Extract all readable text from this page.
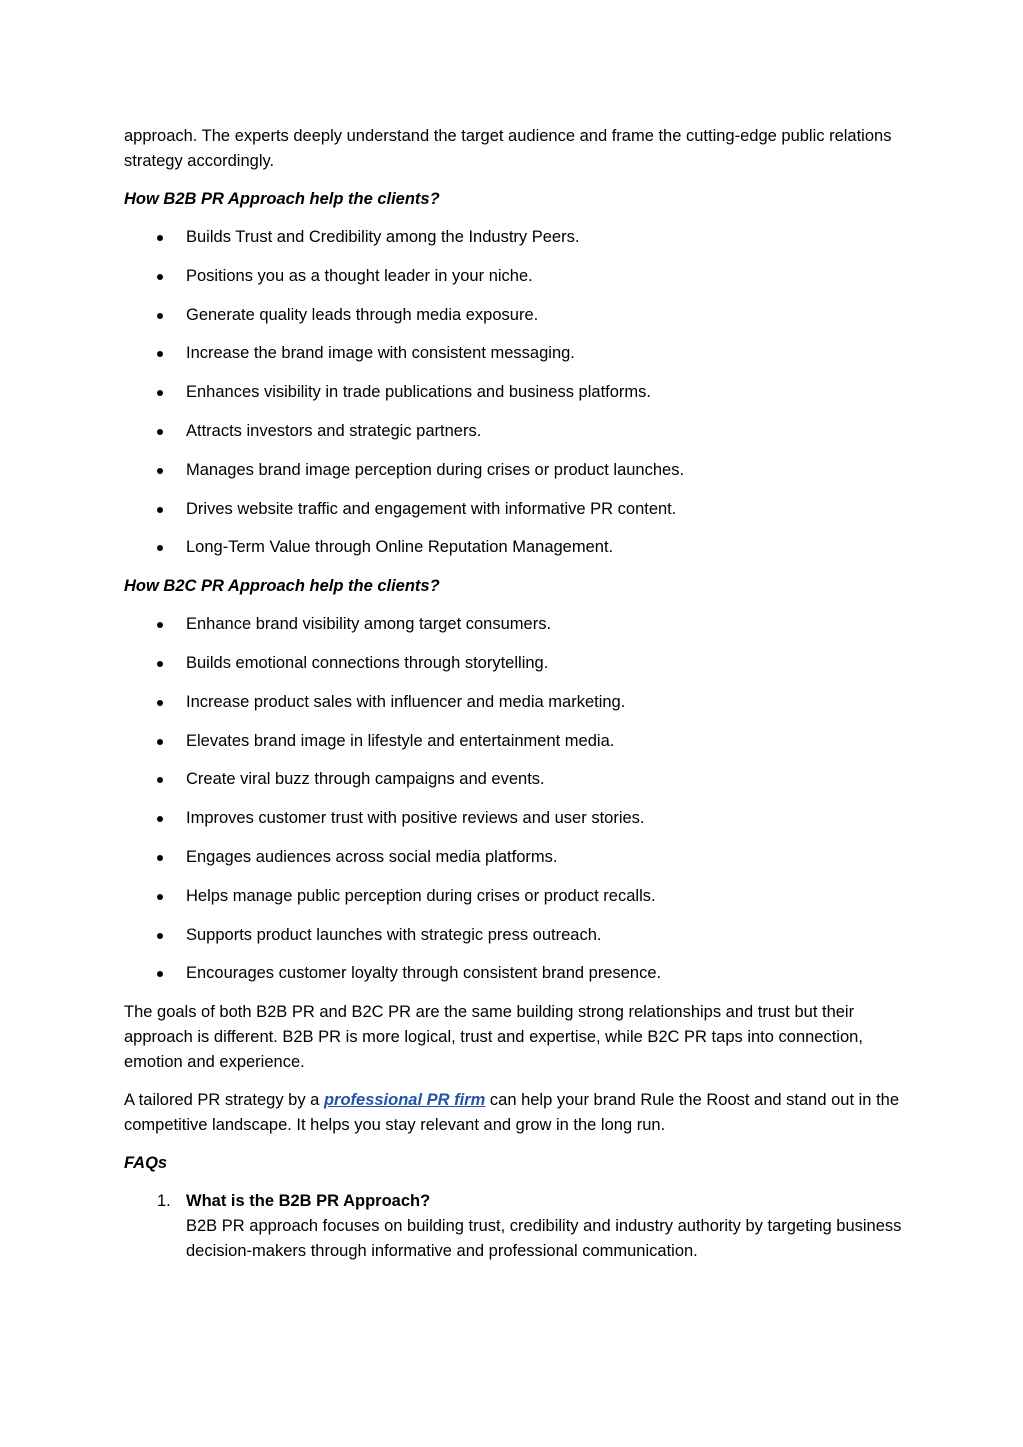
approach. The experts deeply understand the target audience and frame the cutting-edge public relations strategy accordingly.

How B2B PR Approach help the clients?

Builds Trust and Credibility among the Industry Peers.
Positions you as a thought leader in your niche.
Generate quality leads through media exposure.
Increase the brand image with consistent messaging.
Enhances visibility in trade publications and business platforms.
Attracts investors and strategic partners.
Manages brand image perception during crises or product launches.
Drives website traffic and engagement with informative PR content.
Long-Term Value through Online Reputation Management.

How B2C PR Approach help the clients?

Enhance brand visibility among target consumers.
Builds emotional connections through storytelling.
Increase product sales with influencer and media marketing.
Elevates brand image in lifestyle and entertainment media.
Create viral buzz through campaigns and events.
Improves customer trust with positive reviews and user stories.
Engages audiences across social media platforms.
Helps manage public perception during crises or product recalls.
Supports product launches with strategic press outreach.
Encourages customer loyalty through consistent brand presence.

The goals of both B2B PR and B2C PR are the same building strong relationships and trust but their approach is different. B2B PR is more logical, trust and expertise, while B2C PR taps into connection, emotion and experience.

A tailored PR strategy by a professional PR firm can help your brand Rule the Roost and stand out in the competitive landscape. It helps you stay relevant and grow in the long run.

FAQs

1. What is the B2B PR Approach?
B2B PR approach focuses on building trust, credibility and industry authority by targeting business decision-makers through informative and professional communication.
